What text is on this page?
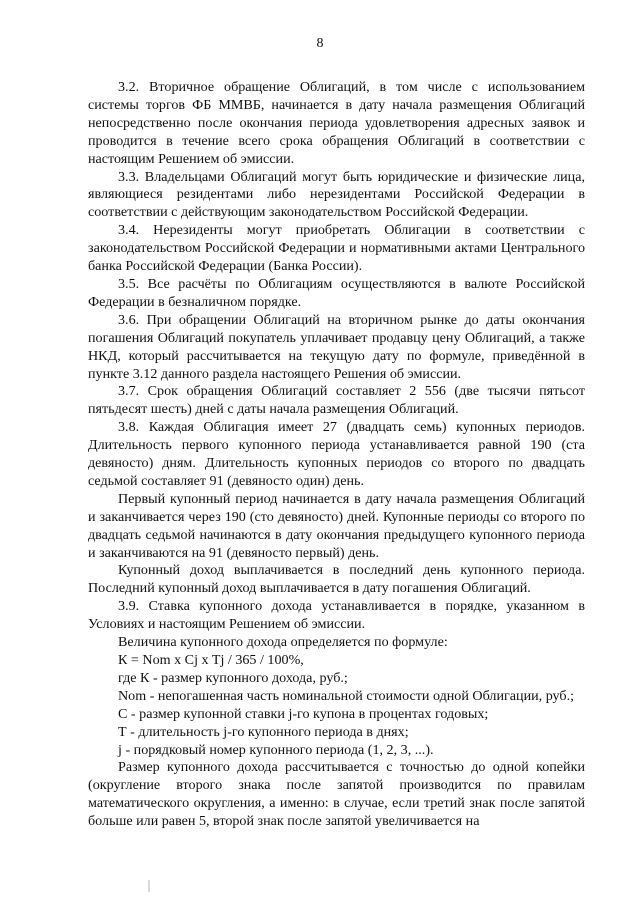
8

3.2. Вторичное обращение Облигаций, в том числе с использованием системы торгов ФБ ММВБ, начинается в дату начала размещения Облигаций непосредственно после окончания периода удовлетворения адресных заявок и проводится в течение всего срока обращения Облигаций в соответствии с настоящим Решением об эмиссии.

3.3. Владельцами Облигаций могут быть юридические и физические лица, являющиеся резидентами либо нерезидентами Российской Федерации в соответствии с действующим законодательством Российской Федерации.

3.4. Нерезиденты могут приобретать Облигации в соответствии с законодательством Российской Федерации и нормативными актами Центрального банка Российской Федерации (Банка России).

3.5. Все расчёты по Облигациям осуществляются в валюте Российской Федерации в безналичном порядке.

3.6. При обращении Облигаций на вторичном рынке до даты окончания погашения Облигаций покупатель уплачивает продавцу цену Облигаций, а также НКД, который рассчитывается на текущую дату по формуле, приведённой в пункте 3.12 данного раздела настоящего Решения об эмиссии.

3.7. Срок обращения Облигаций составляет 2 556 (две тысячи пятьсот пятьдесят шесть) дней с даты начала размещения Облигаций.

3.8. Каждая Облигация имеет 27 (двадцать семь) купонных периодов. Длительность первого купонного периода устанавливается равной 190 (ста девяносто) дням. Длительность купонных периодов со второго по двадцать седьмой составляет 91 (девяносто один) день.

Первый купонный период начинается в дату начала размещения Облигаций и заканчивается через 190 (сто девяносто) дней. Купонные периоды со второго по двадцать седьмой начинаются в дату окончания предыдущего купонного периода и заканчиваются на 91 (девяносто первый) день.

Купонный доход выплачивается в последний день купонного периода. Последний купонный доход выплачивается в дату погашения Облигаций.

3.9. Ставка купонного дохода устанавливается в порядке, указанном в Условиях и настоящим Решением об эмиссии.

Величина купонного дохода определяется по формуле:

К = Nom x Cj x Tj / 365 / 100%,

где К - размер купонного дохода, руб.;

Nom - непогашенная часть номинальной стоимости одной Облигации, руб.;

С - размер купонной ставки j-го купона в процентах годовых;

Т - длительность j-го купонного периода в днях;

j - порядковый номер купонного периода (1, 2, 3, ...).

Размер купонного дохода рассчитывается с точностью до одной копейки (округление второго знака после запятой производится по правилам математического округления, а именно: в случае, если третий знак после запятой больше или равен 5, второй знак после запятой увеличивается на
